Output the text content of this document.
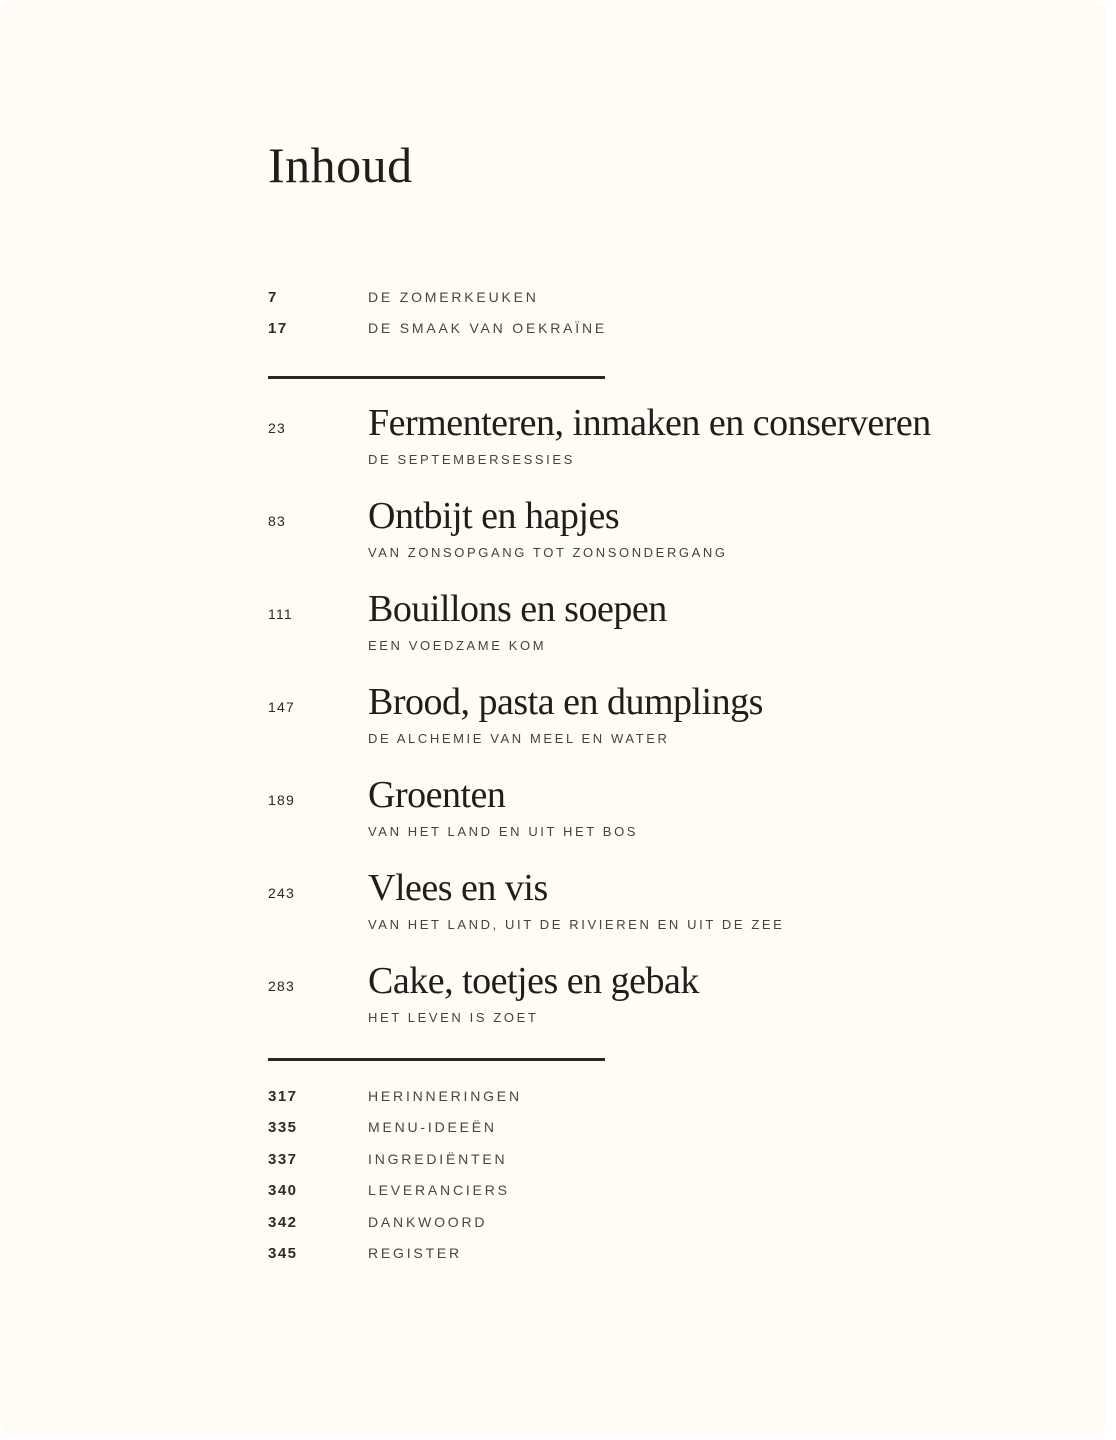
Inhoud
7	DE ZOMERKEUKEN
17	DE SMAAK VAN OEKRAÏNE
23	Fermenteren, inmaken en conserveren
DE SEPTEMBERSESSIES
83	Ontbijt en hapjes
VAN ZONSOPGANG TOT ZONSONDERGANG
111	Bouillons en soepen
EEN VOEDZAME KOM
147	Brood, pasta en dumplings
DE ALCHEMIE VAN MEEL EN WATER
189	Groenten
VAN HET LAND EN UIT HET BOS
243	Vlees en vis
VAN HET LAND, UIT DE RIVIEREN EN UIT DE ZEE
283	Cake, toetjes en gebak
HET LEVEN IS ZOET
317	HERINNERINGEN
335	MENU-IDEEËN
337	INGREDIËNTEN
340	LEVERANCIERS
342	DANKWOORD
345	REGISTER
